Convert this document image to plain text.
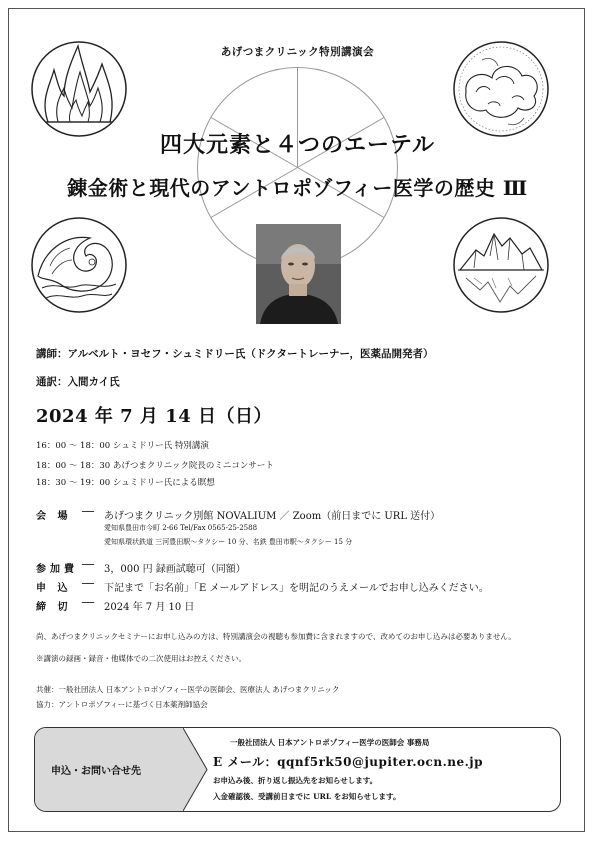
あげつまクリニック特別講演会
四大元素と４つのエーテル
錬金術と現代のアントロポゾフィー医学の歴史 Ⅲ
講師：アルベルト・ヨセフ・シュミドリー氏（ドクタートレーナー，医薬品開発者）
通訳：入間カイ氏
2024 年 7 月 14 日（日）
16：00 ～ 18：00 シュミドリー氏 特別講演
18：00 ～ 18：30 あげつまクリニック院長のミニコンサート
18：30 ～ 19：00 シュミドリー氏による瞑想
会 場	── あげつまクリニック別館 NOVALIUM ／ Zoom（前日までに URL 送付）
愛知県豊田市今町 2-66 Tel/Fax 0565-25-2588
愛知県環状鉄道 三河豊田駅～タクシー 10 分、名鉄 豊田市駅～タクシー 15 分
参加費 ── 3，000 円 録画試聴可（同額）
申 込	── 下記まで「お名前」「E メールアドレス」を明記のうえメールでお申し込みください。
締 切	── 2024 年 7 月 10 日
尚、あげつまクリニックセミナーにお申し込みの方は、特別講演会の視聴も参加費に含まれますので、改めてのお申し込みは必要ありません。
※講演の録画・録音・他媒体での二次使用はお控えください。
共催：一般社団法人 日本アントロポゾフィー医学の医師会、医療法人 あげつまクリニック
協力：アントロポゾフィーに基づく日本薬剤師協会
申込・お問い合せ先
一般社団法人 日本アントロポゾフィー医学の医師会 事務局
E メール：qqnf5rk50@jupiter.ocn.ne.jp
お申込み後、折り返し振込先をお知らせします。
入金確認後、受講前日までに URL をお知らせします。
